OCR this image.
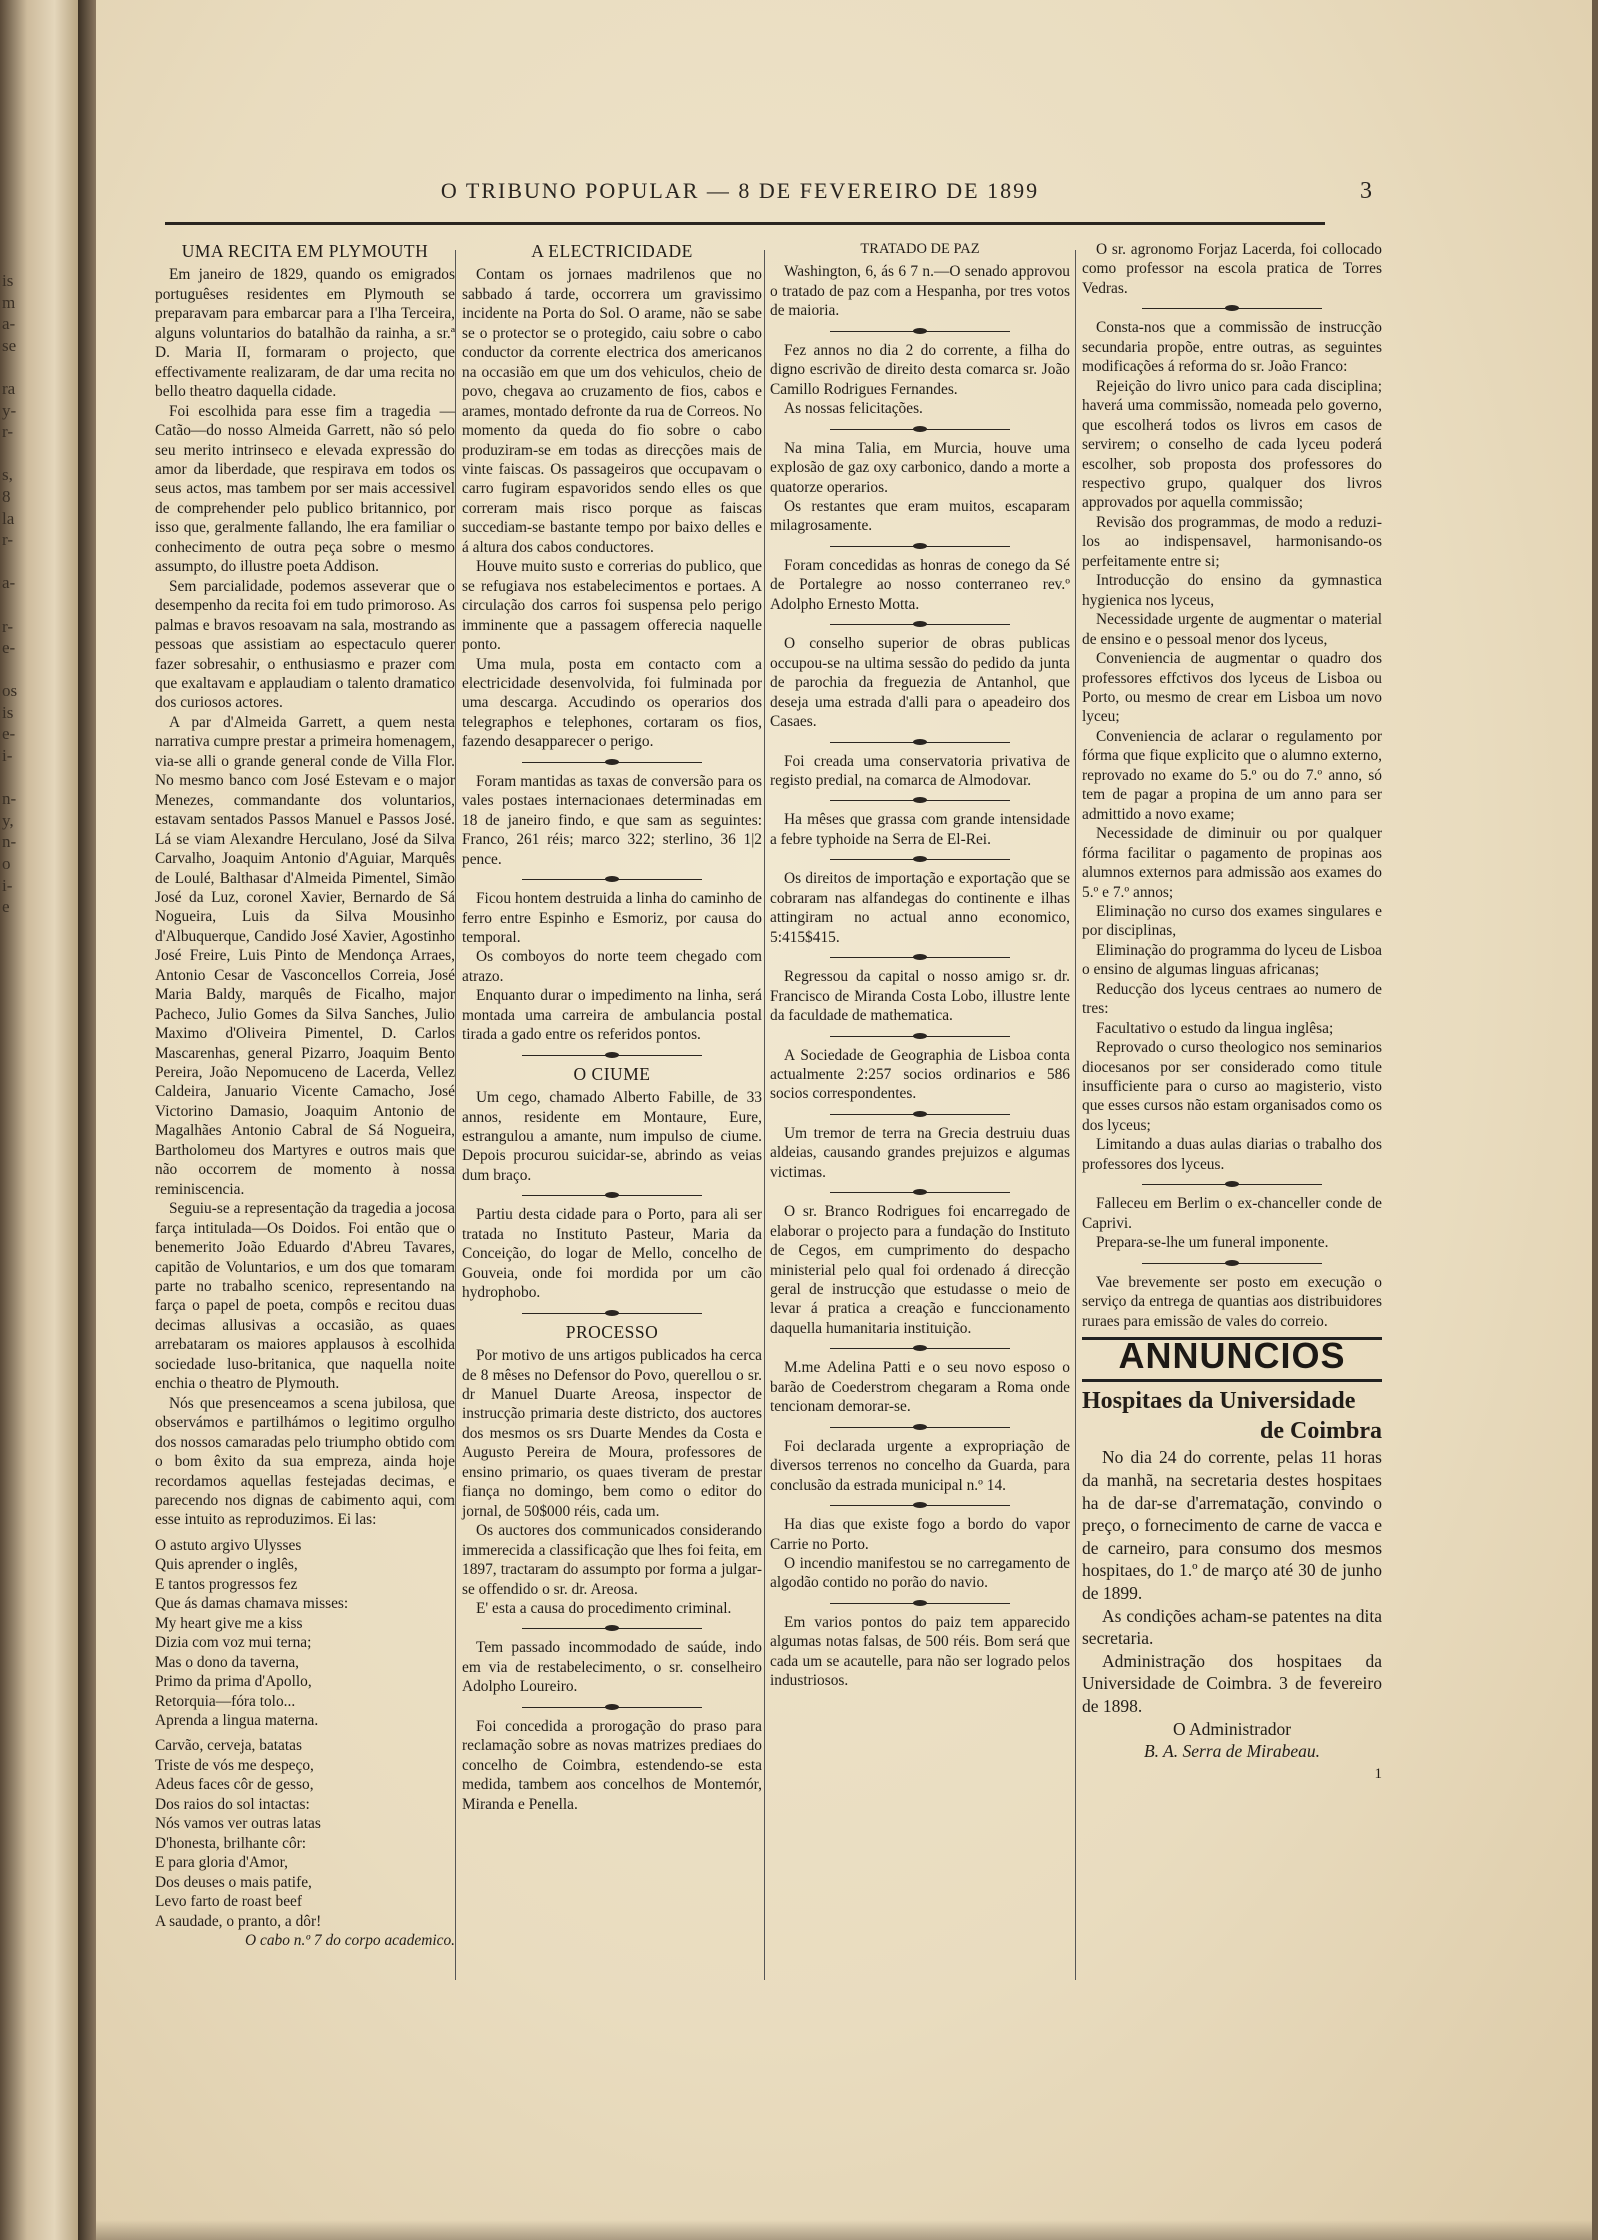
is
m
a-
se

ra
y-
r-

s,
8
la
r-

a-

r-
e-

os
is
e-
i-

n-
y,
n-
o
i-
e
O TRIBUNO POPULAR — 8 DE FEVEREIRO DE 1899	3
UMA RECITA EM PLYMOUTH

Em janeiro de 1829, quando os emigrados portuguêses residentes em Plymouth se preparavam para embarcar para a I'lha Terceira, alguns voluntarios do batalhão da rainha, a sr.ª D. Maria II, formaram o projecto, que effectivamente realizaram, de dar uma recita no bello theatro daquella cidade.

Foi escolhida para esse fim a tragedia —Catão—do nosso Almeida Garrett, não só pelo seu merito intrinseco e elevada expressão do amor da liberdade, que respirava em todos os seus actos, mas tambem por ser mais accessivel de comprehender pelo publico britannico, por isso que, geralmente fallando, lhe era familiar o conhecimento de outra peça sobre o mesmo assumpto, do illustre poeta Addison.

Sem parcialidade, podemos asseverar que o desempenho da recita foi em tudo primoroso. As palmas e bravos resoavam na sala, mostrando as pessoas que assistiam ao espectaculo querer fazer sobresahir, o enthusiasmo e prazer com que exaltavam e applaudiam o talento dramatico dos curiosos actores.

A par d'Almeida Garrett, a quem nesta narrativa cumpre prestar a primeira homenagem, via-se alli o grande general conde de Villa Flor. No mesmo banco com José Estevam e o major Menezes, commandante dos voluntarios, estavam sentados Passos Manuel e Passos José. Lá se viam Alexandre Herculano, José da Silva Carvalho, Joaquim Antonio d'Aguiar, Marquês de Loulé, Balthasar d'Almeida Pimentel, Simão José da Luz, coronel Xavier, Bernardo de Sá Nogueira, Luis da Silva Mousinho d'Albuquerque, Candido José Xavier, Agostinho José Freire, Luis Pinto de Mendonça Arraes, Antonio Cesar de Vasconcellos Correia, José Maria Baldy, marquês de Ficalho, major Pacheco, Julio Gomes da Silva Sanches, Julio Maximo d'Oliveira Pimentel, D. Carlos Mascarenhas, general Pizarro, Joaquim Bento Pereira, João Nepomuceno de Lacerda, Vellez Caldeira, Januario Vicente Camacho, José Victorino Damasio, Joaquim Antonio de Magalhães Antonio Cabral de Sá Nogueira, Bartholomeu dos Martyres e outros mais que não occorrem de momento à nossa reminiscencia.

Seguiu-se a representação da tragedia a jocosa farça intitulada—Os Doidos. Foi então que o benemerito João Eduardo d'Abreu Tavares, capitão de Voluntarios, e um dos que tomaram parte no trabalho scenico, representando na farça o papel de poeta, compôs e recitou duas decimas allusivas a occasião, as quaes arrebataram os maiores applausos à escolhida sociedade luso-britanica, que naquella noite enchia o theatro de Plymouth.

Nós que presenceamos a scena jubilosa, que observámos e partilhámos o legitimo orgulho dos nossos camaradas pelo triumpho obtido com o bom êxito da sua empreza, ainda hoje recordamos aquellas festejadas decimas, e parecendo nos dignas de cabimento aqui, com esse intuito as reproduzimos. Ei las:

O astuto argivo Ulysses

Quis aprender o inglês,

E tantos progressos fez

Que ás damas chamava misses:

My heart give me a kiss

Dizia com voz mui terna;

Mas o dono da taverna,

Primo da prima d'Apollo,

Retorquia—fóra tolo...

Aprenda a lingua materna.

Carvão, cerveja, batatas

Triste de vós me despeço,

Adeus faces côr de gesso,

Dos raios do sol intactas:

Nós vamos ver outras latas

D'honesta, brilhante côr:

E para gloria d'Amor,

Dos deuses o mais patife,

Levo farto de roast beef

A saudade, o pranto, a dôr!

O cabo n.º 7 do corpo academico.

A ELECTRICIDADE

Contam os jornaes madrilenos que no sabbado á tarde, occorrera um gravissimo incidente na Porta do Sol. O arame, não se sabe se o protector se o protegido, caiu sobre o cabo conductor da corrente electrica dos americanos na occasião em que um dos vehiculos, cheio de povo, chegava ao cruzamento de fios, cabos e arames, montado defronte da rua de Correos. No momento da queda do fio sobre o cabo produziram-se em todas as direcções mais de vinte faiscas. Os passageiros que occupavam o carro fugiram espavoridos sendo elles os que correram mais risco porque as faiscas succediam-se bastante tempo por baixo delles e á altura dos cabos conductores.

Houve muito susto e correrias do publico, que se refugiava nos estabelecimentos e portaes. A circulação dos carros foi suspensa pelo perigo imminente que a passagem offerecia naquelle ponto.

Uma mula, posta em contacto com a electricidade desenvolvida, foi fulminada por uma descarga. Accudindo os operarios dos telegraphos e telephones, cortaram os fios, fazendo desapparecer o perigo.

Foram mantidas as taxas de conversão para os vales postaes internacionaes determinadas em 18 de janeiro findo, e que sam as seguintes: Franco, 261 réis; marco 322; sterlino, 36 1|2 pence.

Ficou hontem destruida a linha do caminho de ferro entre Espinho e Esmoriz, por causa do temporal.

Os comboyos do norte teem chegado com atrazo.

Enquanto durar o impedimento na linha, será montada uma carreira de ambulancia postal tirada a gado entre os referidos pontos.

O CIUME

Um cego, chamado Alberto Fabille, de 33 annos, residente em Montaure, Eure, estrangulou a amante, num impulso de ciume. Depois procurou suicidar-se, abrindo as veias dum braço.

Partiu desta cidade para o Porto, para ali ser tratada no Instituto Pasteur, Maria da Conceição, do logar de Mello, concelho de Gouveia, onde foi mordida por um cão hydrophobo.

PROCESSO

Por motivo de uns artigos publicados ha cerca de 8 mêses no Defensor do Povo, querellou o sr. dr Manuel Duarte Areosa, inspector de instrucção primaria deste districto, dos auctores dos mesmos os srs Duarte Mendes da Costa e Augusto Pereira de Moura, professores de ensino primario, os quaes tiveram de prestar fiança no domingo, bem como o editor do jornal, de 50$000 réis, cada um.

Os auctores dos communicados considerando immerecida a classificação que lhes foi feita, em 1897, tractaram do assumpto por forma a julgar-se offendido o sr. dr. Areosa.

E' esta a causa do procedimento criminal.

Tem passado incommodado de saúde, indo em via de restabelecimento, o sr. conselheiro Adolpho Loureiro.

Foi concedida a prorogação do praso para reclamação sobre as novas matrizes prediaes do concelho de Coimbra, estendendo-se esta medida, tambem aos concelhos de Montemór, Miranda e Penella.

TRATADO DE PAZ

Washington, 6, ás 6 7 n.—O senado approvou o tratado de paz com a Hespanha, por tres votos de maioria.

Fez annos no dia 2 do corrente, a filha do digno escrivão de direito desta comarca sr. João Camillo Rodrigues Fernandes.

As nossas felicitações.

Na mina Talia, em Murcia, houve uma explosão de gaz oxy carbonico, dando a morte a quatorze operarios.

Os restantes que eram muitos, escaparam milagrosamente.

Foram concedidas as honras de conego da Sé de Portalegre ao nosso conterraneo rev.º Adolpho Ernesto Motta.

O conselho superior de obras publicas occupou-se na ultima sessão do pedido da junta de parochia da freguezia de Antanhol, que deseja uma estrada d'alli para o apeadeiro dos Casaes.

Foi creada uma conservatoria privativa de registo predial, na comarca de Almodovar.

Ha mêses que grassa com grande intensidade a febre typhoide na Serra de El-Rei.

Os direitos de importação e exportação que se cobraram nas alfandegas do continente e ilhas attingiram no actual anno economico, 5:415$415.

Regressou da capital o nosso amigo sr. dr. Francisco de Miranda Costa Lobo, illustre lente da faculdade de mathematica.

A Sociedade de Geographia de Lisboa conta actualmente 2:257 socios ordinarios e 586 socios correspondentes.

Um tremor de terra na Grecia destruiu duas aldeias, causando grandes prejuizos e algumas victimas.

O sr. Branco Rodrigues foi encarregado de elaborar o projecto para a fundação do Instituto de Cegos, em cumprimento do despacho ministerial pelo qual foi ordenado á direcção geral de instrucção que estudasse o meio de levar á pratica a creação e funccionamento daquella humanitaria instituição.

M.me Adelina Patti e o seu novo esposo o barão de Coederstrom chegaram a Roma onde tencionam demorar-se.

Foi declarada urgente a expropriação de diversos terrenos no concelho da Guarda, para conclusão da estrada municipal n.º 14.

Ha dias que existe fogo a bordo do vapor Carrie no Porto.

O incendio manifestou se no carregamento de algodão contido no porão do navio.

Em varios pontos do paiz tem apparecido algumas notas falsas, de 500 réis. Bom será que cada um se acautelle, para não ser logrado pelos industriosos.

O sr. agronomo Forjaz Lacerda, foi collocado como professor na escola pratica de Torres Vedras.

Consta-nos que a commissão de instrucção secundaria propõe, entre outras, as seguintes modificações á reforma do sr. João Franco:

Rejeição do livro unico para cada disciplina; haverá uma commissão, nomeada pelo governo, que escolherá todos os livros em casos de servirem; o conselho de cada lyceu poderá escolher, sob proposta dos professores do respectivo grupo, qualquer dos livros approvados por aquella commissão;

Revisão dos programmas, de modo a reduzi-los ao indispensavel, harmonisando-os perfeitamente entre si;

Introducção do ensino da gymnastica hygienica nos lyceus,

Necessidade urgente de augmentar o material de ensino e o pessoal menor dos lyceus,

Conveniencia de augmentar o quadro dos professores effctivos dos lyceus de Lisboa ou Porto, ou mesmo de crear em Lisboa um novo lyceu;

Conveniencia de aclarar o regulamento por fórma que fique explicito que o alumno externo, reprovado no exame do 5.º ou do 7.º anno, só tem de pagar a propina de um anno para ser admittido a novo exame;

Necessidade de diminuir ou por qualquer fórma facilitar o pagamento de propinas aos alumnos externos para admissão aos exames do 5.º e 7.º annos;

Eliminação no curso dos exames singulares e por disciplinas,

Eliminação do programma do lyceu de Lisboa o ensino de algumas linguas africanas;

Reducção dos lyceus centraes ao numero de tres:

Facultativo o estudo da lingua inglêsa;

Reprovado o curso theologico nos seminarios diocesanos por ser considerado como titule insufficiente para o curso ao magisterio, visto que esses cursos não estam organisados como os dos lyceus;

Limitando a duas aulas diarias o trabalho dos professores dos lyceus.

Falleceu em Berlim o ex-chanceller conde de Caprivi.

Prepara-se-lhe um funeral imponente.

Vae brevemente ser posto em execução o serviço da entrega de quantias aos distribuidores ruraes para emissão de vales do correio.

ANNUNCIOS
Hospitaes da Universidade
de Coimbra

No dia 24 do corrente, pelas 11 horas da manhã, na secretaria destes hospitaes ha de dar-se d'arrematação, convindo o preço, o fornecimento de carne de vacca e de carneiro, para consumo dos mesmos hospitaes, do 1.º de março até 30 de junho de 1899.

As condições acham-se patentes na dita secretaria.

Administração dos hospitaes da Universidade de Coimbra. 3 de fevereiro de 1898.

O Administrador

B. A. Serra de Mirabeau.

1
